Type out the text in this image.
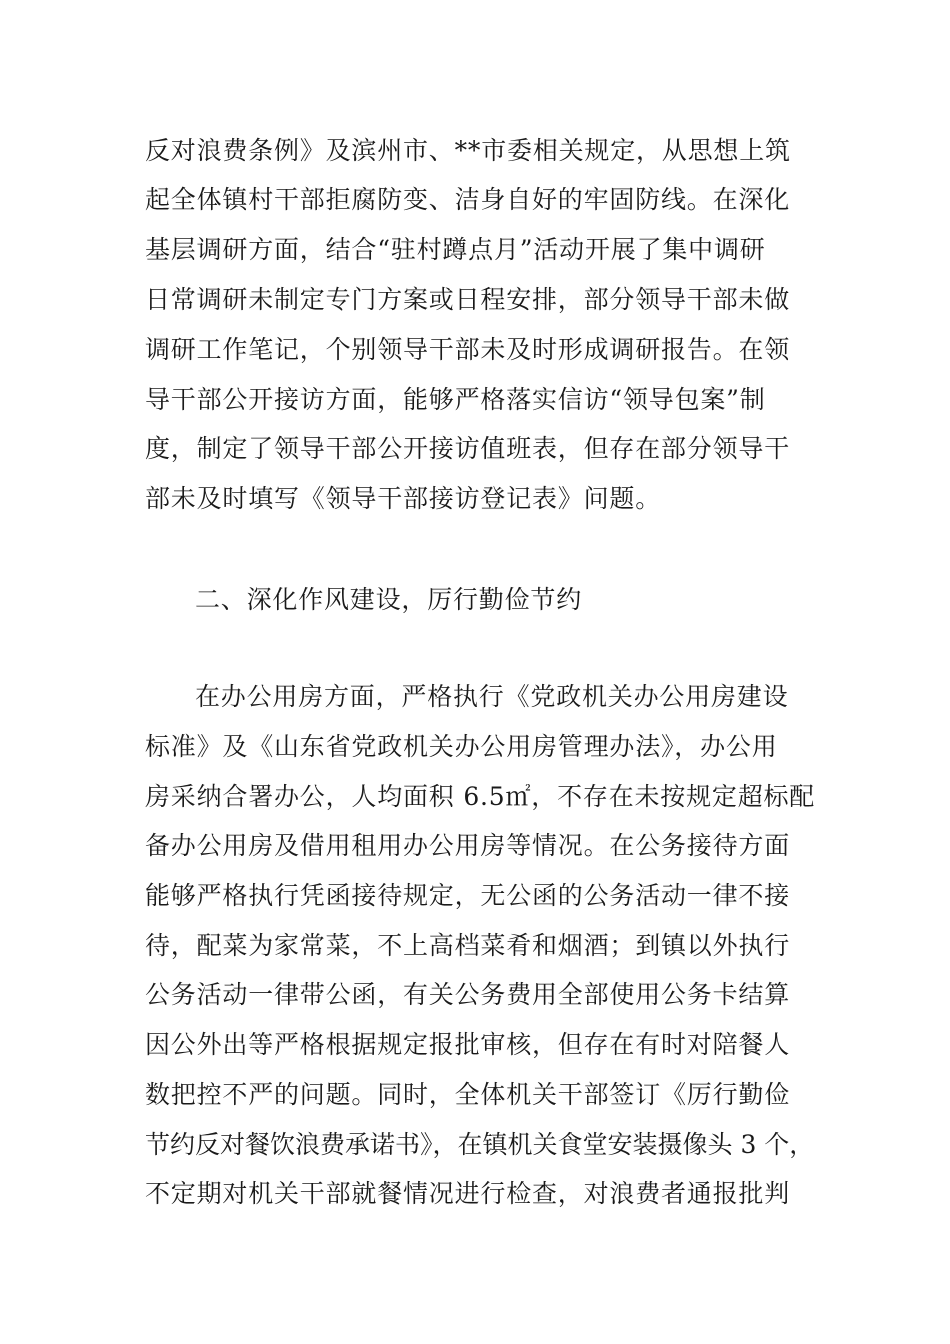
反对浪费条例》及滨州市、**市委相关规定，从思想上筑
起全体镇村干部拒腐防变、洁身自好的牢固防线。在深化
基层调研方面，结合“驻村蹲点月”活动开展了集中调研
日常调研未制定专门方案或日程安排，部分领导干部未做
调研工作笔记，个别领导干部未及时形成调研报告。在领
导干部公开接访方面，能够严格落实信访“领导包案”制
度，制定了领导干部公开接访值班表，但存在部分领导干
部未及时填写《领导干部接访登记表》问题。
二、深化作风建设，厉行勤俭节约
在办公用房方面，严格执行《党政机关办公用房建设
标准》及《山东省党政机关办公用房管理办法》，办公用
房采纳合署办公，人均面积 6.5㎡，不存在未按规定超标配
备办公用房及借用租用办公用房等情况。在公务接待方面
能够严格执行凭函接待规定，无公函的公务活动一律不接
待，配菜为家常菜，不上高档菜肴和烟酒；到镇以外执行
公务活动一律带公函，有关公务费用全部使用公务卡结算
因公外出等严格根据规定报批审核，但存在有时对陪餐人
数把控不严的问题。同时，全体机关干部签订《厉行勤俭
节约反对餐饮浪费承诺书》，在镇机关食堂安装摄像头 3 个，
不定期对机关干部就餐情况进行检查，对浪费者通报批判
